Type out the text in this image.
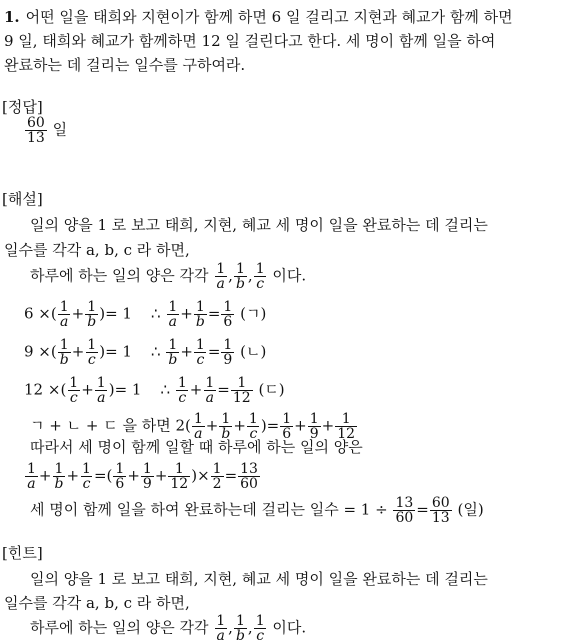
1. 어떤 일을 태희와 지현이가 함께 하면 6 일 걸리고 지현과 혜교가 함께 하면
9 일, 태희와 혜교가 함께하면 12 일 걸린다고 한다. 세 명이 함께 일을 하여
완료하는 데 걸리는 일수를 구하여라.
[정답]
$\frac{60}{13}$ 일
[해설]
일의 양을 1 로 보고 태희, 지현, 혜교 세 명이 일을 완료하는 데 걸리는
일수를 각각 a, b, c 라 하면,
하루에 하는 일의 양은 각각 $\frac{1}{a}$ , $\frac{1}{b}$ , $\frac{1}{c}$ 이다.
6 ×( $\frac{1}{a} + \frac{1}{b}$ )= 1    ∴ $\frac{1}{a} + \frac{1}{b} = \frac{1}{6}$ (ㄱ)
9 ×( $\frac{1}{b} + \frac{1}{c}$ )= 1    ∴ $\frac{1}{b} + \frac{1}{c} = \frac{1}{9}$ (ㄴ)
12 ×( $\frac{1}{c} + \frac{1}{a}$ )= 1    ∴ $\frac{1}{c} + \frac{1}{a} = \frac{1}{12}$ (ㄷ)
ㄱ + ㄴ + ㄷ 을 하면 $2( \frac{1}{a} + \frac{1}{b} + \frac{1}{c}$ )= $\frac{1}{6} + \frac{1}{9} + \frac{1}{12}$
따라서 세 명이 함께 일할 때 하루에 하는 일의 양은
$\frac{1}{a} + \frac{1}{b} + \frac{1}{c}$ =( $\frac{1}{6} + \frac{1}{9} + \frac{1}{12}$ )× $\frac{1}{2} = \frac{13}{60}$
세 명이 함께 일을 하여 완료하는데 걸리는 일수 = $1 \div \frac{13}{60} = \frac{60}{13}$ (일)
[힌트]
일의 양을 1 로 보고 태희, 지현, 혜교 세 명이 일을 완료하는 데 걸리는
일수를 각각 a, b, c 라 하면,
하루에 하는 일의 양은 각각 $\frac{1}{a}$ , $\frac{1}{b}$ , $\frac{1}{c}$ 이다.
